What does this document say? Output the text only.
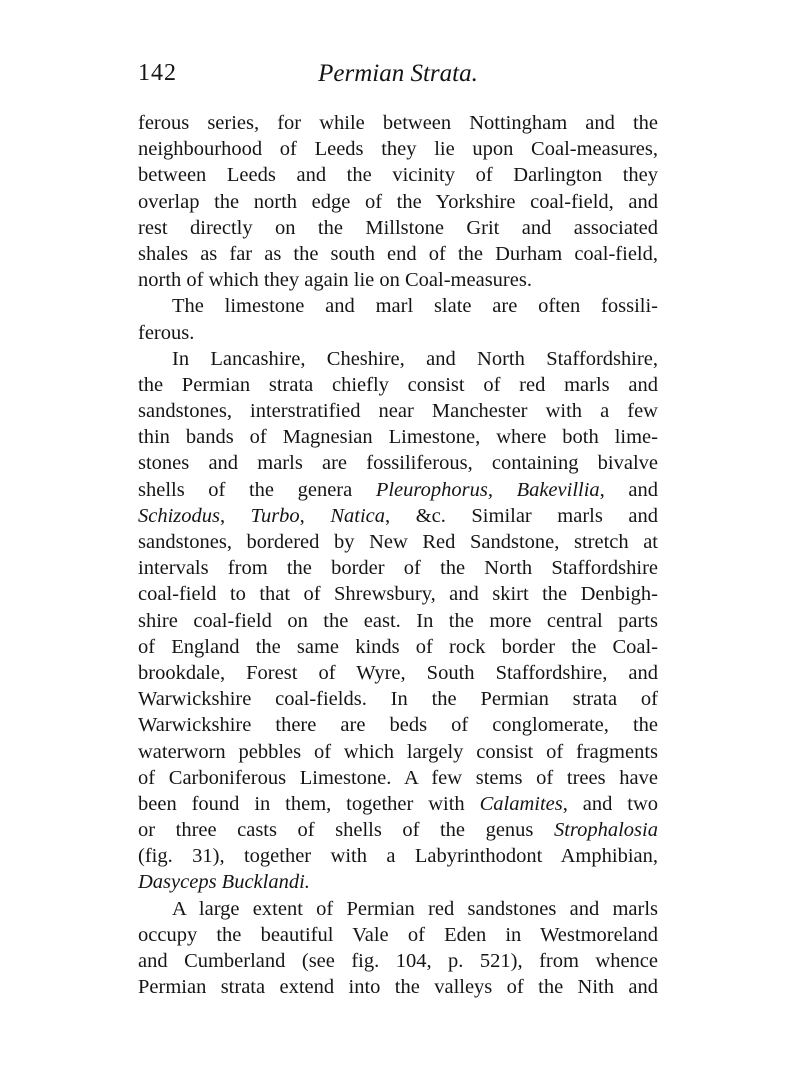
142	Permian Strata.
ferous series, for while between Nottingham and the
neighbourhood of Leeds they lie upon Coal-measures,
between Leeds and the vicinity of Darlington they
overlap the north edge of the Yorkshire coal-field, and
rest directly on the Millstone Grit and associated
shales as far as the south end of the Durham coal-field,
north of which they again lie on Coal-measures.
The limestone and marl slate are often fossili-
ferous.
In Lancashire, Cheshire, and North Staffordshire,
the Permian strata chiefly consist of red marls and
sandstones, interstratified near Manchester with a few
thin bands of Magnesian Limestone, where both lime-
stones and marls are fossiliferous, containing bivalve
shells of the genera Pleurophorus, Bakevillia, and
Schizodus, Turbo, Natica, &c. Similar marls and
sandstones, bordered by New Red Sandstone, stretch at
intervals from the border of the North Staffordshire
coal-field to that of Shrewsbury, and skirt the Denbigh-
shire coal-field on the east. In the more central parts
of England the same kinds of rock border the Coal-
brookdale, Forest of Wyre, South Staffordshire, and
Warwickshire coal-fields. In the Permian strata of
Warwickshire there are beds of conglomerate, the
waterworn pebbles of which largely consist of fragments
of Carboniferous Limestone. A few stems of trees have
been found in them, together with Calamites, and two
or three casts of shells of the genus Strophalosia
(fig. 31), together with a Labyrinthodont Amphibian,
Dasyceps Bucklandi.
A large extent of Permian red sandstones and marls
occupy the beautiful Vale of Eden in Westmoreland
and Cumberland (see fig. 104, p. 521), from whence
Permian strata extend into the valleys of the Nith and
